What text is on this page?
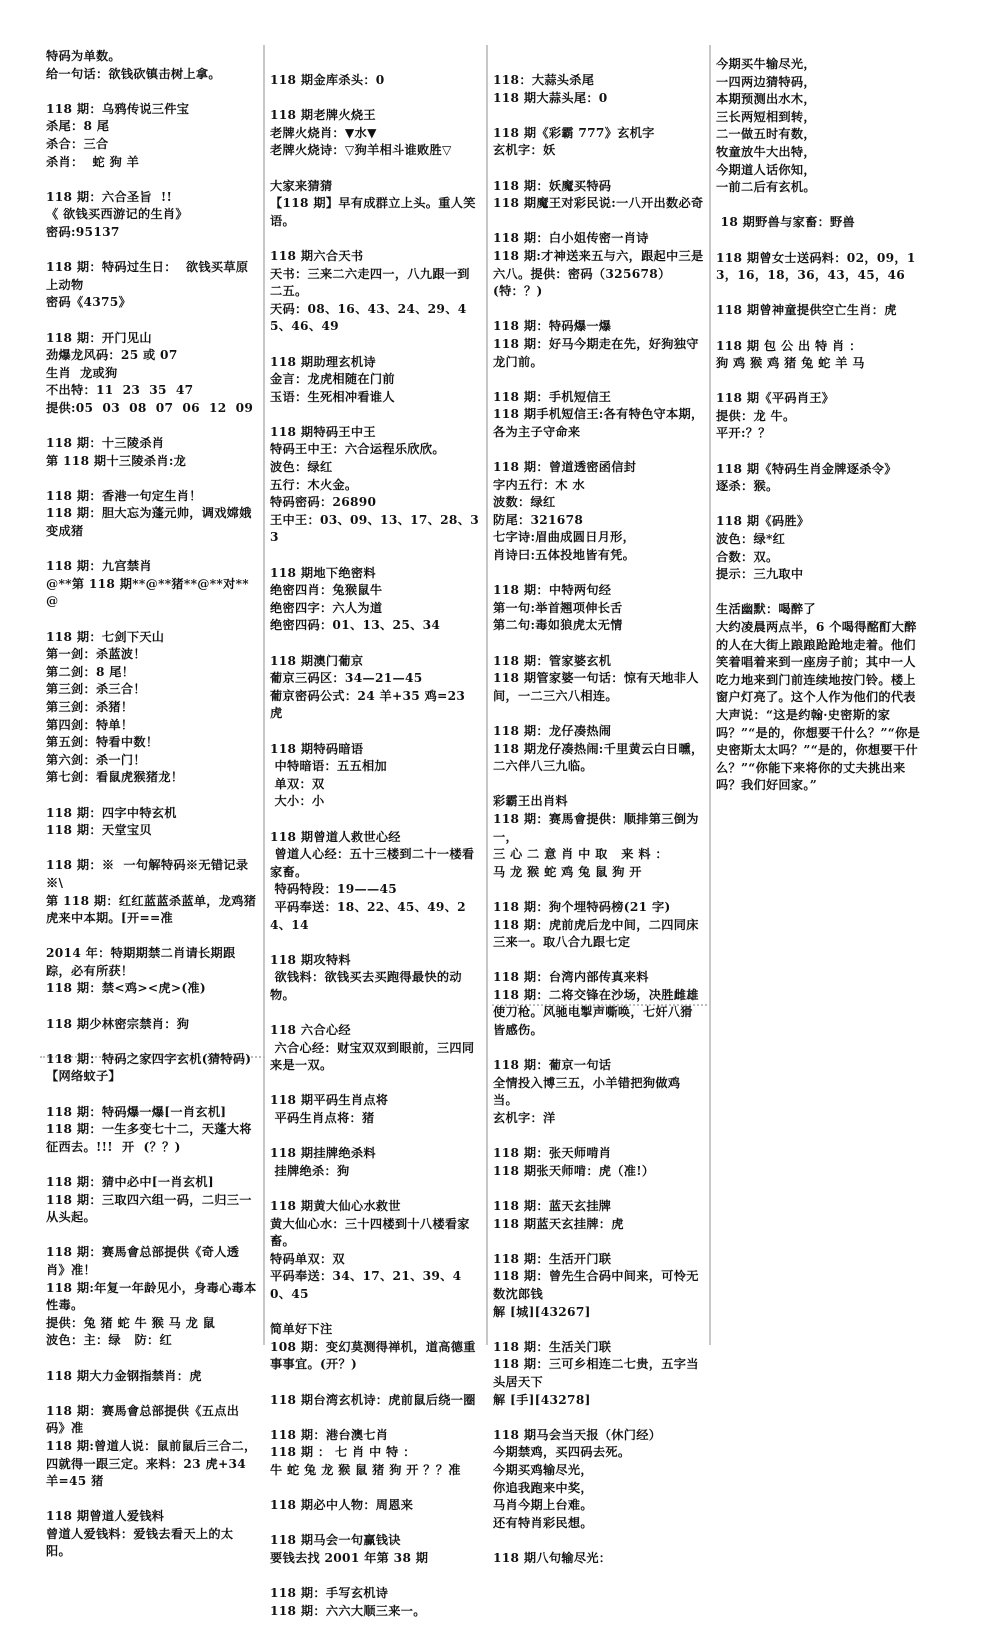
特码为单数。
给一句话：欲钱砍镇击树上拿。
118 期：乌鸦传说三件宝
杀尾：8 尾
杀合：三合
杀肖：  蛇 狗 羊
118 期：六合圣旨  !!
《 欲钱买西游记的生肖》
密码:95137
118 期：特码过生日：  欲钱买草原上动物
密码《4375》
118 期：开门见山
劲爆龙风码：25 或 07
生肖  龙或狗
不出特：11  23  35  47
提供:05  03  08  07  06  12  09
118 期：十三陵杀肖
第 118 期十三陵杀肖:龙
118 期：香港一句定生肖！
118 期：胆大忘为蓬元帅，调戏嫦娥变成猪
118 期：九宫禁肖
@**第 118 期**@**猪**@**对**@
118 期：七剑下天山
第一剑：杀蓝波！
第二剑：8 尾！
第三剑：杀三合！
第三剑：杀猪！
第四剑：特单！
第五剑：特看中数！
第六剑：杀一门！
第七剑：看鼠虎猴猪龙！
118 期：四字中特玄机
118 期：天堂宝贝
118 期：※  一句解特码※无错记录※\
第 118 期：红红蓝蓝杀蓝单，龙鸡猪虎来中本期。[开==准
2014 年：特期期禁二肖请长期跟踪，必有所获！
118 期：禁<鸡><虎>(准)
118 期少林密宗禁肖：狗
118 期：特码之家四字玄机(猜特码)
【网络蚊子】
118 期：特码爆一爆[一肖玄机]
118 期：一生多变七十二，天蓬大将征西去。!!!  开  (？？)
118 期：猜中必中[一肖玄机]
118 期：三取四六组一码，二归三一从头起。
118 期：赛馬會总部提供《奇人透肖》准！
118 期:年复一年龄见小，身毒心毒本性毒。
提供：兔 猪 蛇 牛 猴 马 龙 鼠
波色：主：绿   防：红
118 期大力金钢指禁肖：虎
118 期：赛馬會总部提供《五点出码》准
118 期:曾道人说：鼠前鼠后三合二，四就得一跟三定。来料：23 虎+34 羊=45 猪
118 期曾道人爱钱料
曾道人爱钱料：爱钱去看天上的太阳。
118 期金库杀头：0
118 期老牌火烧王
老牌火烧肖：▼水▼
老牌火烧诗：▽狗羊相斗谁败胜▽
大家来猜猜
【118 期】早有成群立上头。重人笑语。
118 期六合天书
天书：三来二六走四一，八九跟一到二五。
天码：08、16、43、24、29、45、46、49
118 期助理玄机诗
金言：龙虎相随在门前
玉语：生死相冲看谁人
118 期特码王中王
特码王中王：六合运程乐欣欣。
波色：绿红
五行：木火金。
特码密码：26890
王中王：03、09、13、17、28、33
118 期地下绝密料
绝密四肖：兔猴鼠牛
绝密四字：六人为道
绝密四码：01、13、25、34
118 期澳门葡京
葡京三码区：34—21—45
葡京密码公式：24 羊+35 鸡=23 虎
118 期特码暗语
中特暗语：五五相加
单双：双
大小：小
118 期曾道人救世心经
曾道人心经：五十三楼到二十一楼看家畜。
特码特段：19——45
平码奉送：18、22、45、49、24、14
118 期攻特料
欲钱料：欲钱买去买跑得最快的动物。
118 六合心经
六合心经：财宝双双到眼前，三四同来是一双。
118 期平码生肖点将
平码生肖点将：猪
118 期挂牌绝杀料
挂牌绝杀：狗
118 期黄大仙心水救世
黄大仙心水：三十四楼到十八楼看家畜。
特码单双：双
平码奉送：34、17、21、39、40、45
简单好下注
108 期：变幻莫测得禅机，道高德重事事宜。(开？)
118 期台湾玄机诗：虎前鼠后绕一圈
118 期：港台澳七肖
118 期 ： 七 肖 中 特 ：
牛 蛇 兔 龙 猴 鼠 猪 狗 开 ？？准
118 期必中人物：周恩来
118 期马会一句赢钱诀
要钱去找 2001 年第 38 期
118 期：手写玄机诗
118 期：六六大顺三来一。
118：大蒜头杀尾
118 期大蒜头尾：0
118 期《彩霸 777》玄机字
玄机字：妖
118 期：妖魔买特码
118 期魔王对彩民说:一八开出数必奇
118 期：白小姐传密一肖诗
118 期:才神送来五与六，跟起中三是六八。提供：密码（325678）(特：？)
118 期：特码爆一爆
118 期：好马今期走在先，好狗独守龙门前。
118 期：手机短信王
118 期手机短信王:各有特色守本期，各为主子守命来
118 期：曾道透密函信封
字内五行：木 水
波数：绿红
防尾：321678
七字诗:眉曲成圆日月形，
肖诗曰:五体投地皆有凭。
118 期：中特两句经
第一句:举首翘项伸长舌
第二句:毒如狼虎太无情
118 期：管家婆玄机
118 期管家婆一句话：惊有天地非人间，一二三六八相连。
118 期：龙仔凑热闹
118 期龙仔凑热闹:千里黄云白日曛，二六伴八三九临。
彩霸王出肖料
118 期：赛馬會提供：顺排第三倒为一，
三 心 二 意 肖 中 取   来 料 ：
马 龙 猴 蛇 鸡 兔 鼠 狗 开
118 期：狗个埋特码榜(21 字)
118 期：虎前虎后龙中间，二四同床三来一。取八合九跟七定
118 期：台湾内部传真来料
118 期：二将交锋在沙场，决胜雌雄使刀枪。风驰电掣声嘶唤，七奸八猾皆感伤。
118 期：葡京一句话
全情投入博三五，小羊错把狗做鸡当。
玄机字：洋
118 期：张天师啃肖
118 期张天师啃：虎（准!）
118 期：蓝天玄挂牌
118 期蓝天玄挂牌：虎
118 期：生活开门联
118 期：曾先生合码中间来，可怜无数沈郎钱
解 [城][43267]
118 期：生活关门联
118 期：三可乡相连二七贵，五字当头居天下
解 [手][43278]
118 期马会当天报（休门经）
今期禁鸡，买四码去死。
今期买鸡输尽光，
你追我跑来中奖，
马肖今期上台难。
还有特肖彩民想。
118 期八句输尽光：
今期买牛输尽光，
一四两边猜特码，
本期预测出水木，
三长两短相到转，
二一做五时有数，
牧童放牛大出特，
今期道人话你知，
一前二后有玄机。
18 期野兽与家畜：野兽
118 期曾女士送码料：02，09，13，16，18，36，43，45，46
118 期曾神童提供空亡生肖：虎
118 期 包 公 出 特 肖 ：
狗 鸡 猴 鸡 猪 兔 蛇 羊 马
118 期《平码肖王》
提供：龙 牛。
平开:？？
118 期《特码生肖金牌逐杀令》
逐杀：猴。
118 期《码胜》
波色：绿*红
合数：双。
提示：三九取中
生活幽默：喝醉了
大约凌晨两点半，6 个喝得酩酊大醉的人在大街上踉踉跄跄地走着。他们笑着唱着来到一座房子前；其中一人吃力地来到门前连续地按门铃。楼上窗户灯亮了。这个人作为他们的代表大声说：“这是约翰·史密斯的家吗？”“是的，你想要干什么？”“你是史密斯太太吗？”“是的，你想要干什么？”“你能下来将你的丈夫挑出来吗？我们好回家。”
